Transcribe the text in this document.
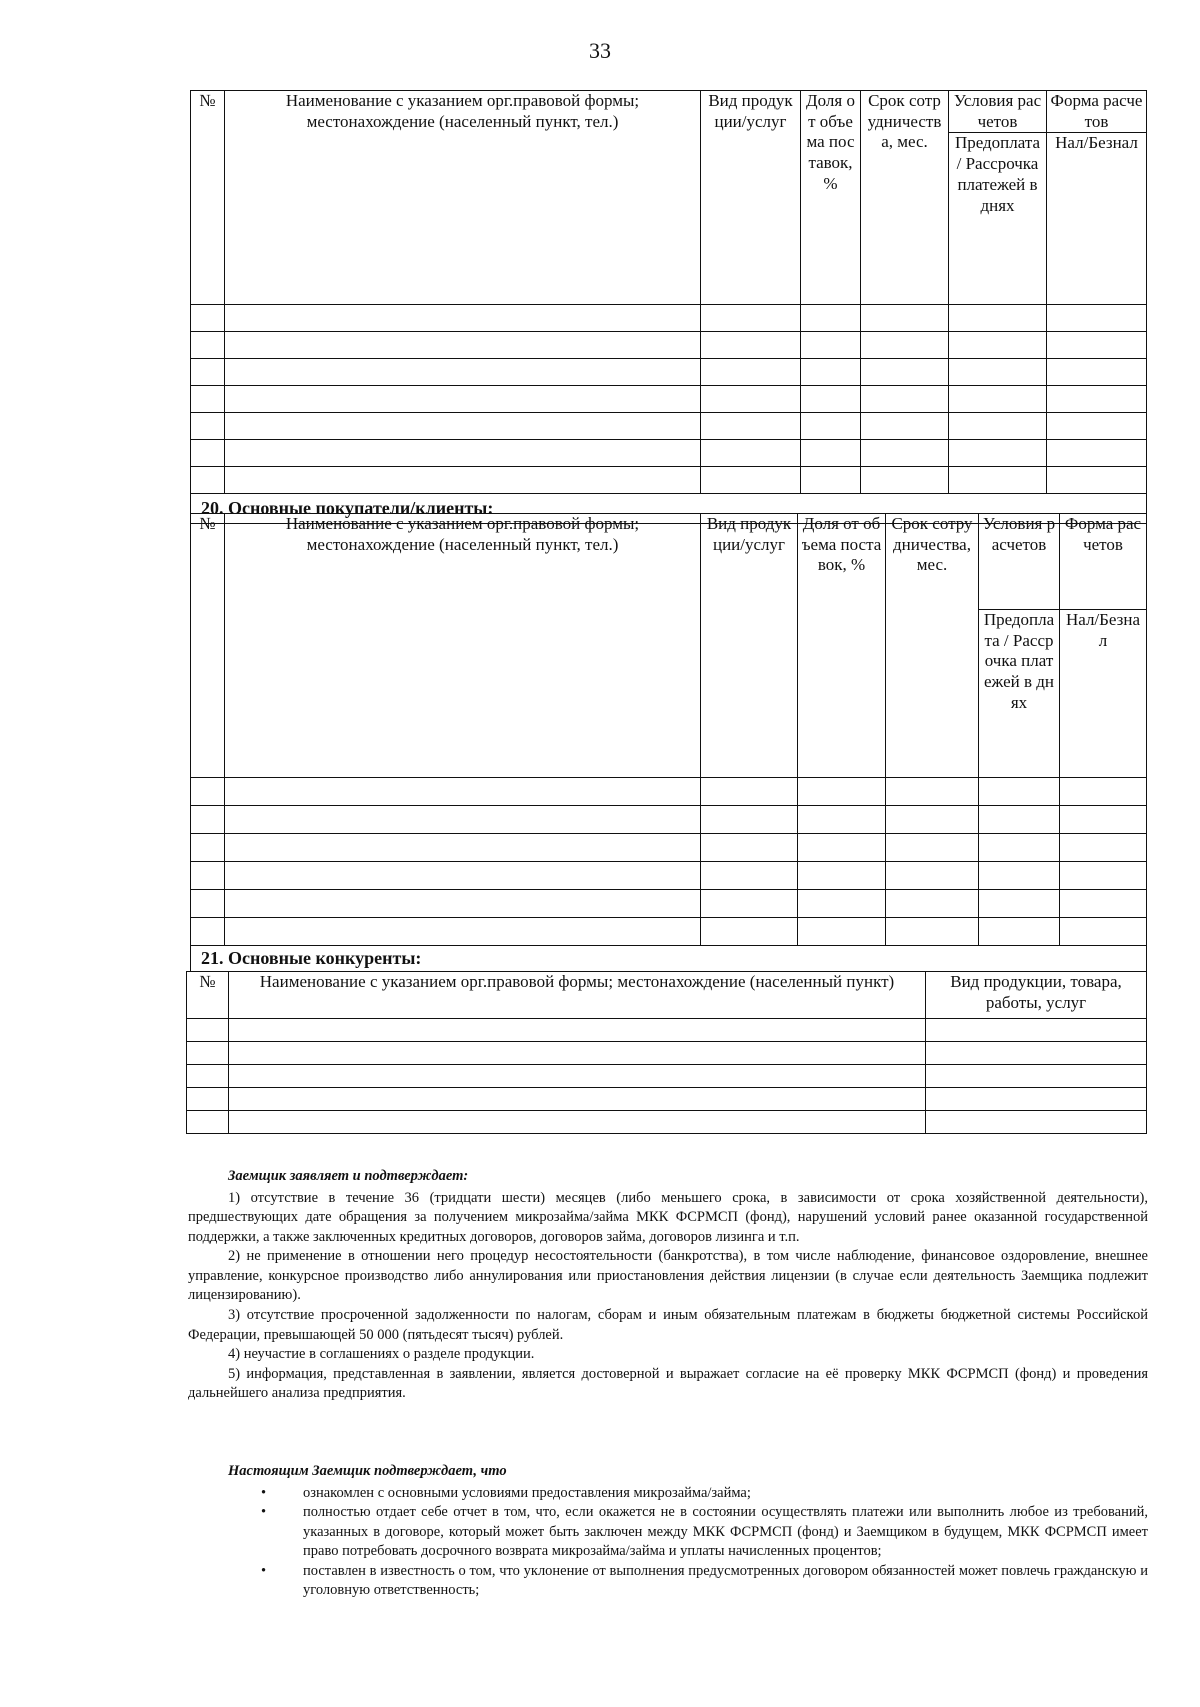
33
№	Наименование с указанием орг.правовой формы; местонахождение (населенный пункт, тел.)	Вид продукции/услуг	Доля от объема поставок, %	Срок сотрудничества, мес.	Условия расчетов	Форма расчетов
					Предоплата / Рассрочка платежей в днях	Нал/Безнал

20. Основные покупатели/клиенты:						
№	Наименование с указанием орг.правовой формы; местонахождение (населенный пункт, тел.)	Вид продукции/услуг	Доля от объема поставок, %	Срок сотрудничества, мес.	Условия расчетов	Форма расчетов
					Предоплата / Рассрочка платежей в днях	Нал/Безнал

21. Основные конкуренты:						
№	Наименование с указанием орг.правовой формы; местонахождение (населенный пункт)	Вид продукции, товара, работы, услуг

Заемщик заявляет и подтверждает:

1) отсутствие в течение 36 (тридцати шести) месяцев (либо меньшего срока, в зависимости от срока хозяйственной деятельности), предшествующих дате обращения за получением микрозайма/займа МКК ФСРМСП (фонд), нарушений условий ранее оказанной государственной поддержки, а также заключенных кредитных договоров, договоров займа, договоров лизинга и т.п.

2) не применение в отношении него процедур несостоятельности (банкротства), в том числе наблюдение, финансовое оздоровление, внешнее управление, конкурсное производство либо аннулирования или приостановления действия лицензии (в случае если деятельность Заемщика подлежит лицензированию).

3) отсутствие просроченной задолженности по налогам, сборам и иным обязательным платежам в бюджеты бюджетной системы Российской Федерации, превышающей 50 000 (пятьдесят тысяч) рублей.

4) неучастие в соглашениях о разделе продукции.

5) информация, представленная в заявлении, является достоверной и выражает согласие на её проверку МКК ФСРМСП (фонд) и проведения дальнейшего анализа предприятия.

Настоящим Заемщик подтверждает, что
•	ознакомлен с основными условиями предоставления микрозайма/займа;
•	полностью отдает себе отчет в том, что, если окажется не в состоянии осуществлять платежи или выполнить любое из требований, указанных в договоре, который может быть заключен между МКК ФСРМСП (фонд) и Заемщиком в будущем, МКК ФСРМСП имеет право потребовать досрочного возврата микрозайма/займа и уплаты начисленных процентов;
•	поставлен в известность о том, что уклонение от выполнения предусмотренных договором обязанностей может повлечь гражданскую и уголовную ответственность;
